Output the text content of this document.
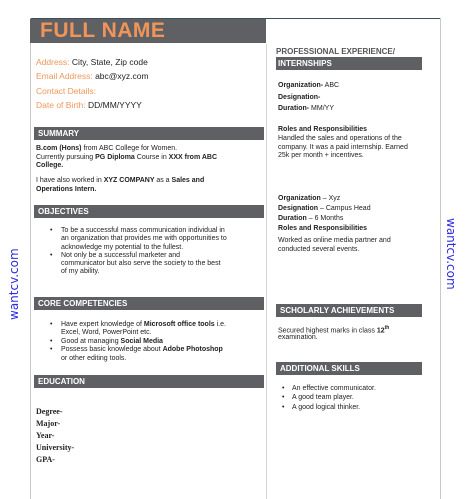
FULL NAME
Address: City, State, Zip code
Email Address: abc@xyz.com
Contact Details:
Date of Birth: DD/MM/YYYY
SUMMARY
B.com (Hons) from ABC College for Women.
Currently pursuing PG Diploma Course in XXX from ABC
College.
I have also worked in XYZ COMPANY as a Sales and
Operations Intern.
OBJECTIVES
• To be a successful mass communication individual in
an organization that provides me with opportunities to
acknowledge my potential to the fullest.
• Not only be a successful marketer and
communicator but also serve the society to the best
of my ability.
CORE COMPETENCIES
• Have expert knowledge of Microsoft office tools i.e.
Excel, Word, PowerPoint etc.
• Good at managing Social Media
• Possess basic knowledge about Adobe Photoshop
or other editing tools.
EDUCATION
Degree-
Major-
Year-
University-
GPA-
PROFESSIONAL EXPERIENCE/
INTERNSHIPS
Organization- ABC
Designation-
Duration- MM/YY
Roles and Responsibilities
Handled the sales and operations of the
company. It was a paid internship. Earned
25k per month + incentives.
Organization – Xyz
Designation – Campus Head
Duration – 6 Months
Roles and Responsibilities
Worked as online media partner and
conducted several events.
SCHOLARLY ACHIEVEMENTS
Secured highest marks in class 12th
examination.
ADDITIONAL SKILLS
• An effective communicator.
• A good team player.
• A good logical thinker.
wantcv.com	wantcv.com
